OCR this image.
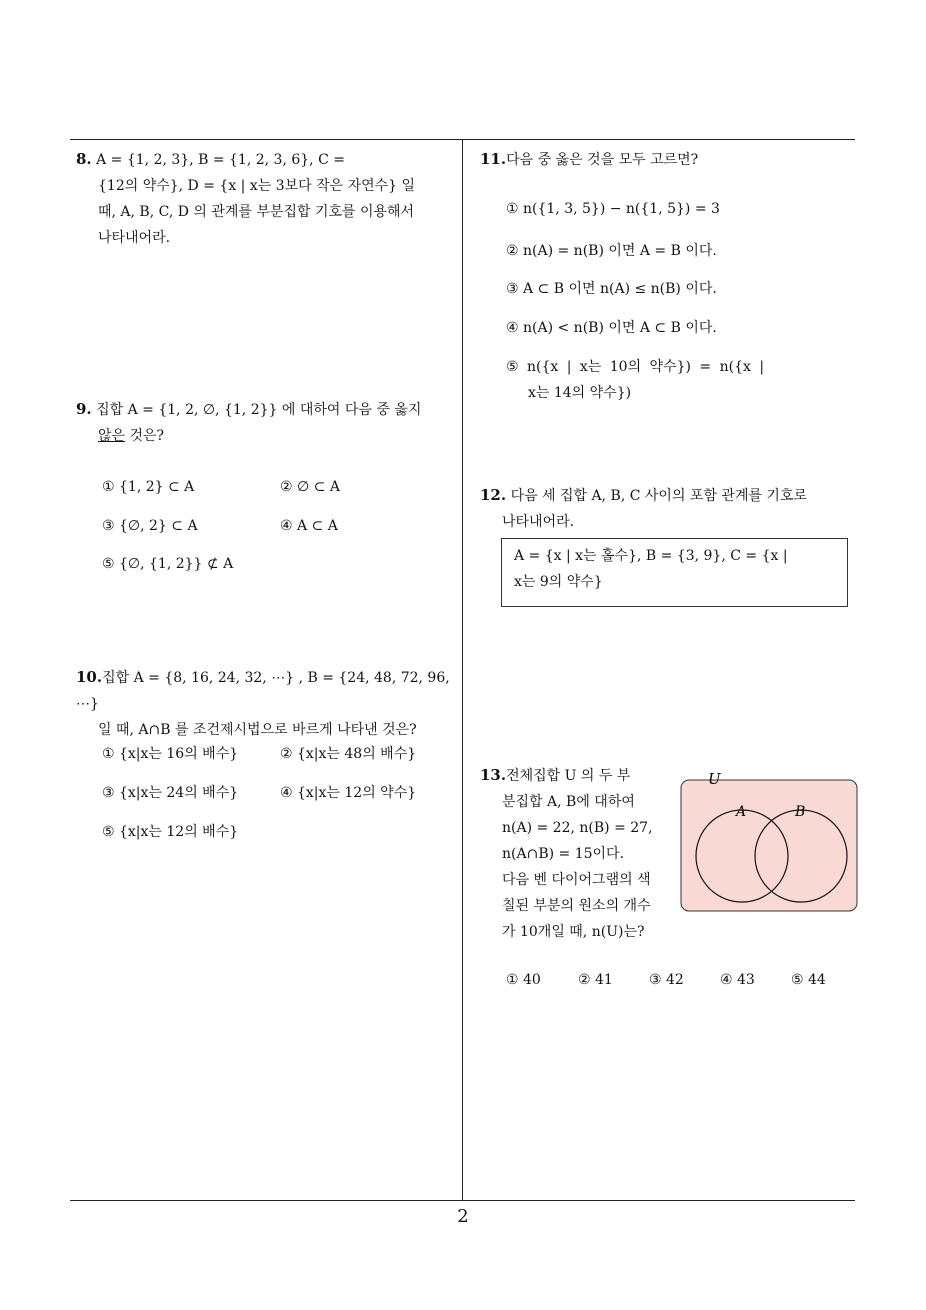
8. A = {1, 2, 3}, B = {1, 2, 3, 6}, C =

{12의 약수}, D = {x | x는 3보다 작은 자연수} 일

때, A, B, C, D 의 관계를 부분집합 기호를 이용해서

나타내어라.

9. 집합 A = {1, 2, ∅, {1, 2}} 에 대하여 다음 중 옳지

않은 것은?

① {1, 2} ⊂ A	② ∅ ⊂ A
③ {∅, 2} ⊂ A	④ A ⊂ A
⑤ {∅, {1, 2}} ⊄ A

10.집합 A = {8, 16, 24, 32, ⋯} , B = {24, 48, 72, 96, ⋯}

일 때, A∩B 를 조건제시법으로 바르게 나타낸 것은?

① {x|x는 16의 배수}	② {x|x는 48의 배수}
③ {x|x는 24의 배수}	④ {x|x는 12의 약수}
⑤ {x|x는 12의 배수}

11.다음 중 옳은 것을 모두 고르면?

① n({1, 3, 5}) − n({1, 5}) = 3
② n(A) = n(B) 이면 A = B 이다.
③ A ⊂ B 이면 n(A) ≤ n(B) 이다.
④ n(A) < n(B) 이면 A ⊂ B 이다.
⑤ n({x | x는 10의 약수}) = n({x |
x는 14의 약수})

12. 다음 세 집합 A, B, C 사이의 포함 관계를 기호로

나타내어라.

A = {x | x는 홀수}, B = {3, 9}, C = {x |
x는 9의 약수}

13.전체집합 U 의 두 부

분집합 A, B에 대하여

n(A) = 22, n(B) = 27,

n(A∩B) = 15이다.

다음 벤 다이어그램의 색

칠된 부분의 원소의 개수

가 10개일 때, n(U)는?

U
A	B
① 40	② 41	③ 42	④ 43	⑤ 44
2
